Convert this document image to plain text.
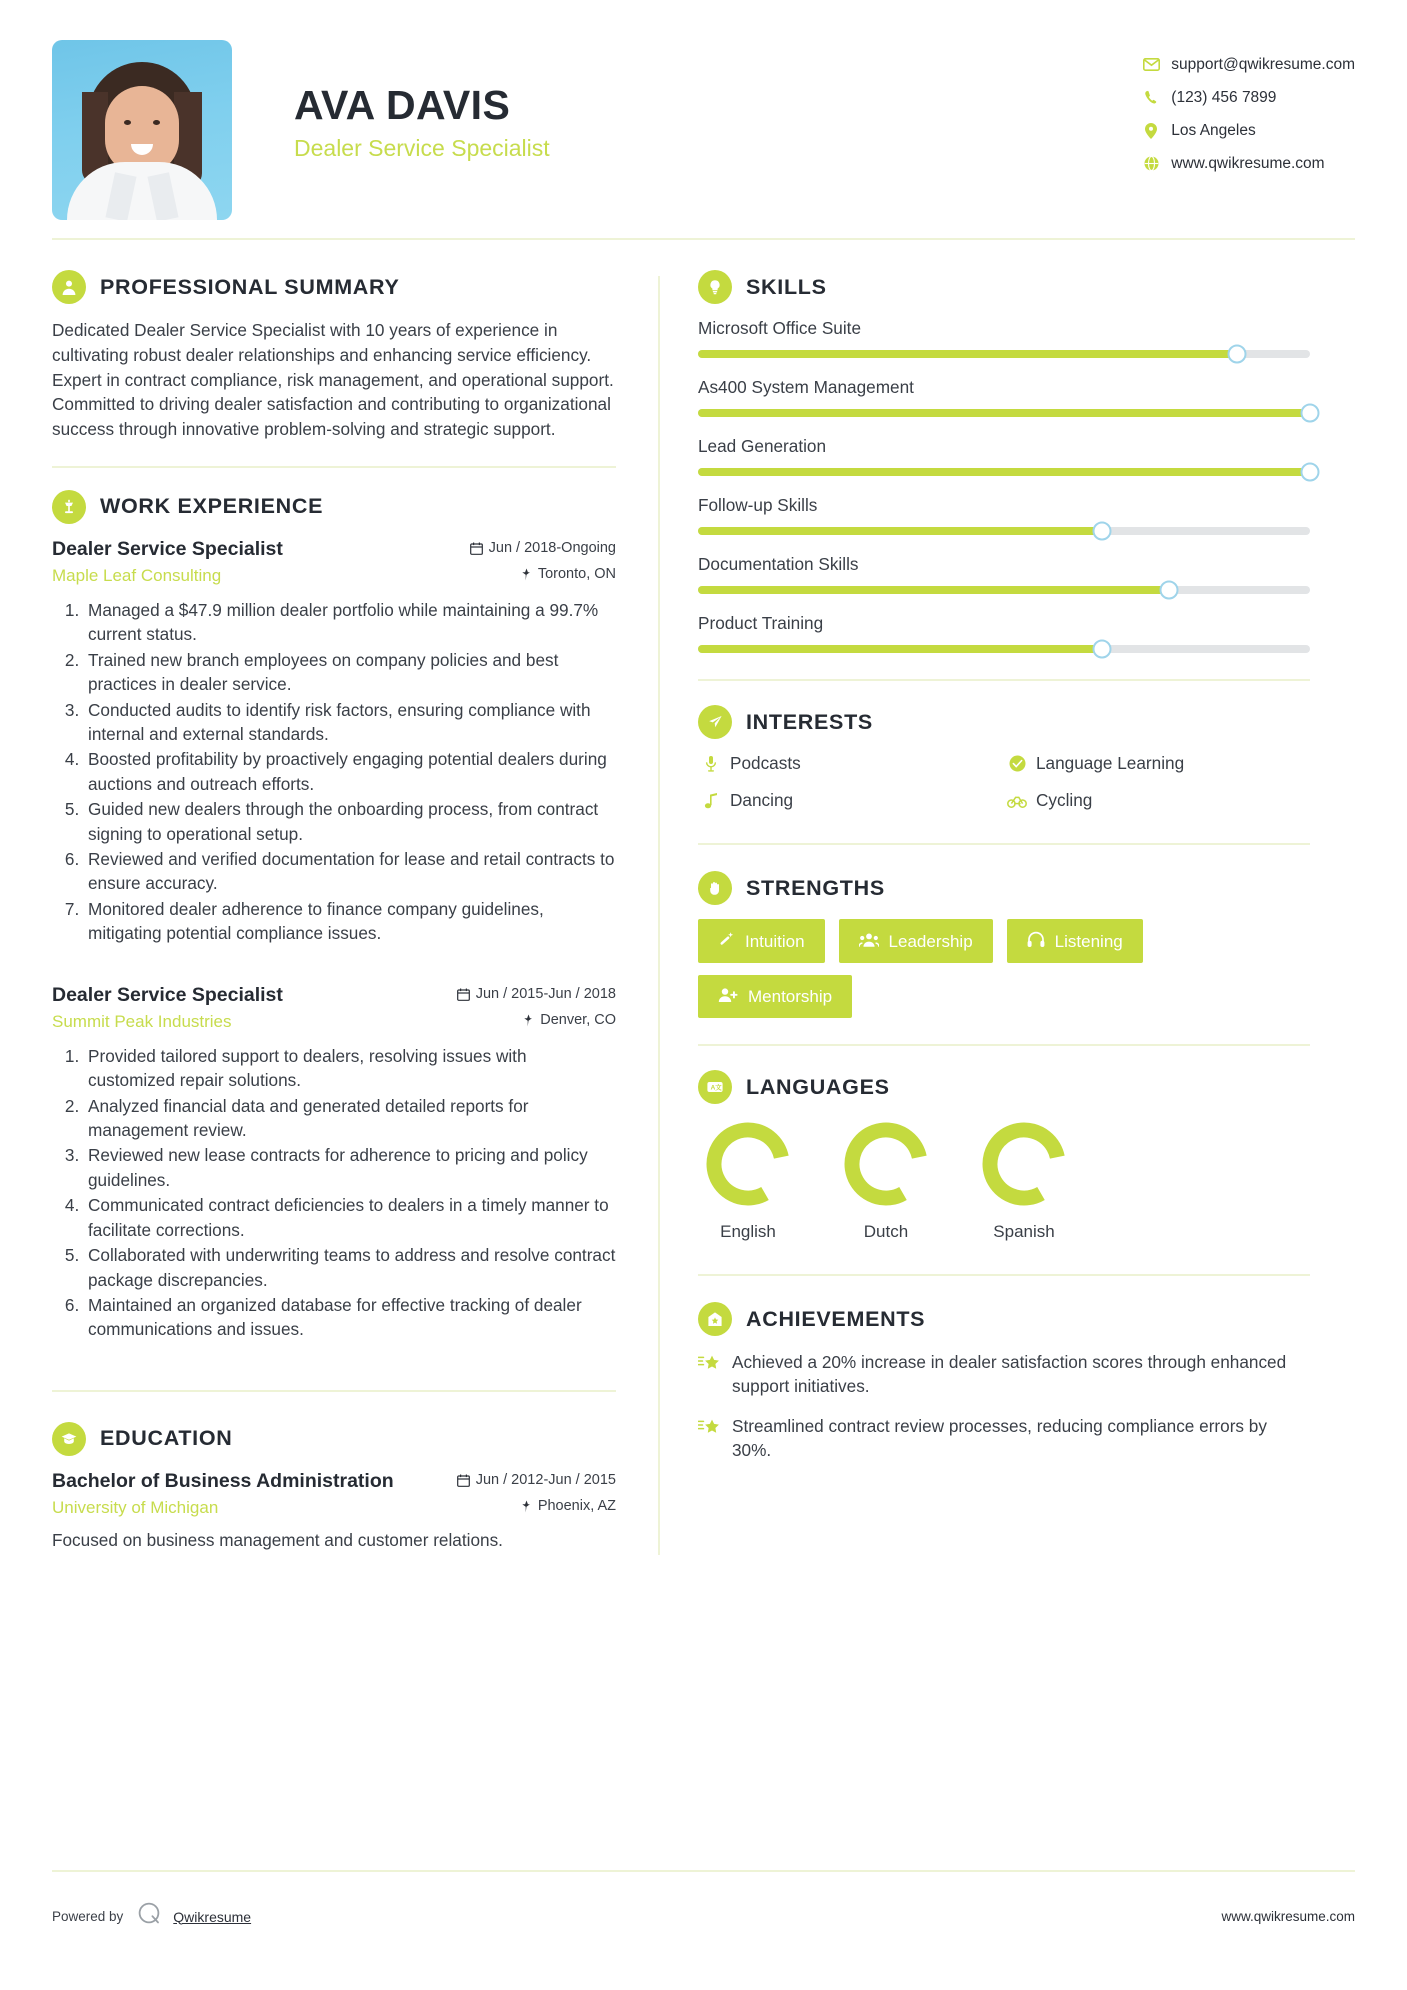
AVA DAVIS
Dealer Service Specialist
support@qwikresume.com
(123) 456 7899
Los Angeles
www.qwikresume.com
PROFESSIONAL SUMMARY

Dedicated Dealer Service Specialist with 10 years of experience in cultivating robust dealer relationships and enhancing service efficiency. Expert in contract compliance, risk management, and operational support. Committed to driving dealer satisfaction and contributing to organizational success through innovative problem-solving and strategic support.

WORK EXPERIENCE
Dealer Service Specialist	Jun / 2018-Ongoing
Maple Leaf Consulting	Toronto, ON
1. Managed a $47.9 million dealer portfolio while maintaining a 99.7% current status.
2. Trained new branch employees on company policies and best practices in dealer service.
3. Conducted audits to identify risk factors, ensuring compliance with internal and external standards.
4. Boosted profitability by proactively engaging potential dealers during auctions and outreach efforts.
5. Guided new dealers through the onboarding process, from contract signing to operational setup.
6. Reviewed and verified documentation for lease and retail contracts to ensure accuracy.
7. Monitored dealer adherence to finance company guidelines, mitigating potential compliance issues.
Dealer Service Specialist	Jun / 2015-Jun / 2018
Summit Peak Industries	Denver, CO
1. Provided tailored support to dealers, resolving issues with customized repair solutions.
2. Analyzed financial data and generated detailed reports for management review.
3. Reviewed new lease contracts for adherence to pricing and policy guidelines.
4. Communicated contract deficiencies to dealers in a timely manner to facilitate corrections.
5. Collaborated with underwriting teams to address and resolve contract package discrepancies.
6. Maintained an organized database for effective tracking of dealer communications and issues.
EDUCATION
Bachelor of Business Administration	Jun / 2012-Jun / 2015
University of Michigan	Phoenix, AZ
Focused on business management and customer relations.
SKILLS
Microsoft Office Suite
As400 System Management
Lead Generation
Follow-up Skills
Documentation Skills
Product Training
INTERESTS
Podcasts	Language Learning
Dancing	Cycling
STRENGTHS
Intuition	Leadership	Listening
Mentorship
A 文 LANGUAGES
English	Dutch	Spanish
ACHIEVEMENTS
Achieved a 20% increase in dealer satisfaction scores through enhanced support initiatives.
Streamlined contract review processes, reducing compliance errors by 30%.
Powered by	Qwikresume	www.qwikresume.com
